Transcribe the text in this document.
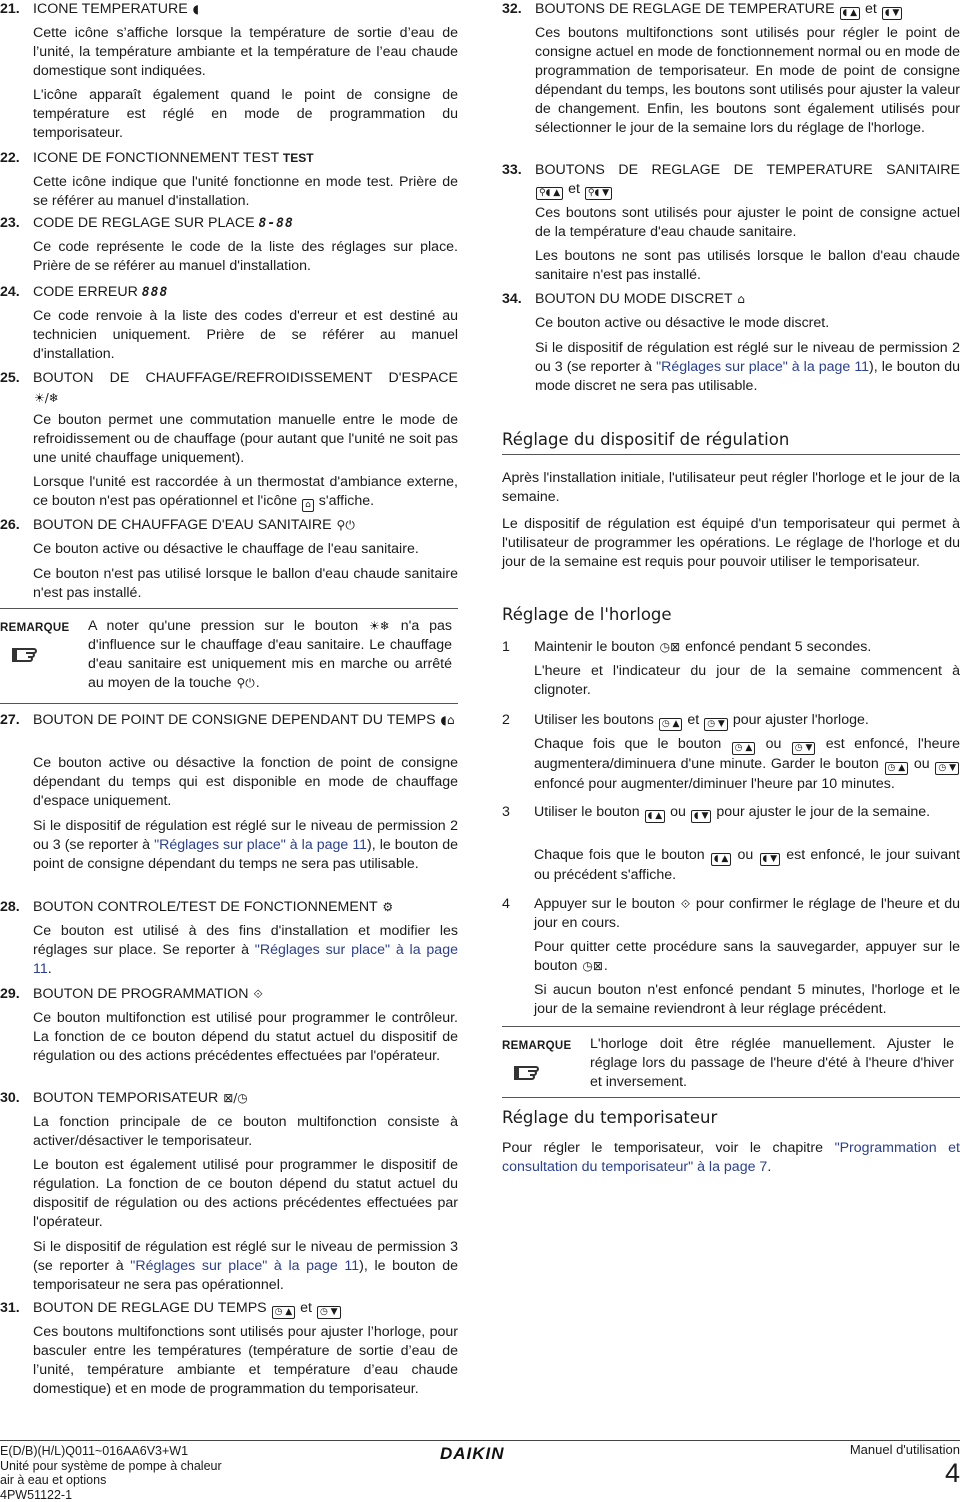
21. ICONE TEMPERATURE ◖

Cette icône s’affiche lorsque la température de sortie d’eau de l’unité, la température ambiante et la température de l’eau chaude domestique sont indiquées.

L'icône apparaît également quand le point de consigne de température est réglé en mode de programmation du temporisateur.

22. ICONE DE FONCTIONNEMENT TEST TEST

Cette icône indique que l'unité fonctionne en mode test. Prière de se référer au manuel d'installation.

23. CODE DE REGLAGE SUR PLACE 8-88

Ce code représente le code de la liste des réglages sur place. Prière de se référer au manuel d'installation.

24. CODE ERREUR 888

Ce code renvoie à la liste des codes d'erreur et est destiné au technicien uniquement. Prière de se référer au manuel d'installation.

25. BOUTON DE CHAUFFAGE/REFROIDISSEMENT D'ESPACE
☀/❄

Ce bouton permet une commutation manuelle entre le mode de refroidissement ou de chauffage (pour autant que l'unité ne soit pas une unité chauffage uniquement).

Lorsque l'unité est raccordée à un thermostat d'ambiance externe, ce bouton n'est pas opérationnel et l'icône ⌂ s'affiche.

26. BOUTON DE CHAUFFAGE D'EAU SANITAIRE ⚲⏻

Ce bouton active ou désactive le chauffage de l'eau sanitaire.

Ce bouton n'est pas utilisé lorsque le ballon d'eau chaude sanitaire n'est pas installé.

REMARQUE A noter qu'une pression sur le bouton ☀❄ n'a pas d'influence sur le chauffage d'eau sanitaire. Le chauffage d'eau sanitaire est uniquement mis en marche ou arrêté au moyen de la touche ⚲⏻.

27. BOUTON DE POINT DE CONSIGNE DEPENDANT DU TEMPS ◖⌂

Ce bouton active ou désactive la fonction de point de consigne dépendant du temps qui est disponible en mode de chauffage d'espace uniquement.

Si le dispositif de régulation est réglé sur le niveau de permission 2 ou 3 (se reporter à "Réglages sur place" à la page 11), le bouton de point de consigne dépendant du temps ne sera pas utilisable.

28. BOUTON CONTROLE/TEST DE FONCTIONNEMENT ⚙

Ce bouton est utilisé à des fins d'installation et modifier les réglages sur place. Se reporter à "Réglages sur place" à la page 11.

29. BOUTON DE PROGRAMMATION ⟐

Ce bouton multifonction est utilisé pour programmer le contrôleur. La fonction de ce bouton dépend du statut actuel du dispositif de régulation ou des actions précédentes effectuées par l'opérateur.

30. BOUTON TEMPORISATEUR ⊠/◷

La fonction principale de ce bouton multifonction consiste à activer/désactiver le temporisateur.

Le bouton est également utilisé pour programmer le dispositif de régulation. La fonction de ce bouton dépend du statut actuel du dispositif de régulation ou des actions précédentes effectuées par l'opérateur.

Si le dispositif de régulation est réglé sur le niveau de permission 3 (se reporter à "Réglages sur place" à la page 11), le bouton de temporisateur ne sera pas opérationnel.

31. BOUTON DE REGLAGE DU TEMPS ◷ ▲ et ◷ ▼

Ces boutons multifonctions sont utilisés pour ajuster l’horloge, pour basculer entre les températures (température de sortie d’eau de l’unité, température ambiante et température d’eau chaude domestique) et en mode de programmation du temporisateur.

32. BOUTONS DE REGLAGE DE TEMPERATURE ◖ ▲ et ◖ ▼

Ces boutons multifonctions sont utilisés pour régler le point de consigne actuel en mode de fonctionnement normal ou en mode de programmation de temporisateur. En mode de point de consigne dépendant du temps, les boutons sont utilisés pour ajuster la valeur de changement. Enfin, les boutons sont également utilisés pour sélectionner le jour de la semaine lors du réglage de l'horloge.

33. BOUTONS DE REGLAGE DE TEMPERATURE SANITAIRE
⚲◖ ▲ et ⚲◖ ▼

Ces boutons sont utilisés pour ajuster le point de consigne actuel de la température d'eau chaude sanitaire.

Les boutons ne sont pas utilisés lorsque le ballon d'eau chaude sanitaire n'est pas installé.

34. BOUTON DU MODE DISCRET ⌂

Ce bouton active ou désactive le mode discret.

Si le dispositif de régulation est réglé sur le niveau de permission 2 ou 3 (se reporter à "Réglages sur place" à la page 11), le bouton du mode discret ne sera pas utilisable.

Réglage du dispositif de régulation

Après l'installation initiale, l'utilisateur peut régler l'horloge et le jour de la semaine.

Le dispositif de régulation est équipé d'un temporisateur qui permet à l'utilisateur de programmer les opérations. Le réglage de l'horloge et du jour de la semaine est requis pour pouvoir utiliser le temporisateur.

Réglage de l'horloge
1	Maintenir le bouton ◷⊠ enfoncé pendant 5 secondes.

L'heure et l'indicateur du jour de la semaine commencent à clignoter.

2	Utiliser les boutons ◷ ▲ et ◷ ▼ pour ajuster l'horloge.

Chaque fois que le bouton ◷ ▲ ou ◷ ▼ est enfoncé, l'heure augmentera/diminuera d'une minute. Garder le bouton ◷ ▲ ou ◷ ▼ enfoncé pour augmenter/diminuer l'heure par 10 minutes.

3	Utiliser le bouton ◖ ▲ ou ◖ ▼ pour ajuster le jour de la semaine.

Chaque fois que le bouton ◖ ▲ ou ◖ ▼ est enfoncé, le jour suivant ou précédent s'affiche.

4	Appuyer sur le bouton ⟐ pour confirmer le réglage de l'heure et du jour en cours.

Pour quitter cette procédure sans la sauvegarder, appuyer sur le bouton ◷⊠.

Si aucun bouton n'est enfoncé pendant 5 minutes, l'horloge et le jour de la semaine reviendront à leur réglage précédent.

REMARQUE L'horloge doit être réglée manuellement. Ajuster le réglage lors du passage de l'heure d'été à l'heure d'hiver et inversement.

Réglage du temporisateur

Pour régler le temporisateur, voir le chapitre "Programmation et consultation du temporisateur" à la page 7.

E(D/B)(H/L)Q011~016AA6V3+W1
Unité pour système de pompe à chaleur
air à eau et options
4PW51122-1
DAIKIN	Manuel d'utilisation
4
